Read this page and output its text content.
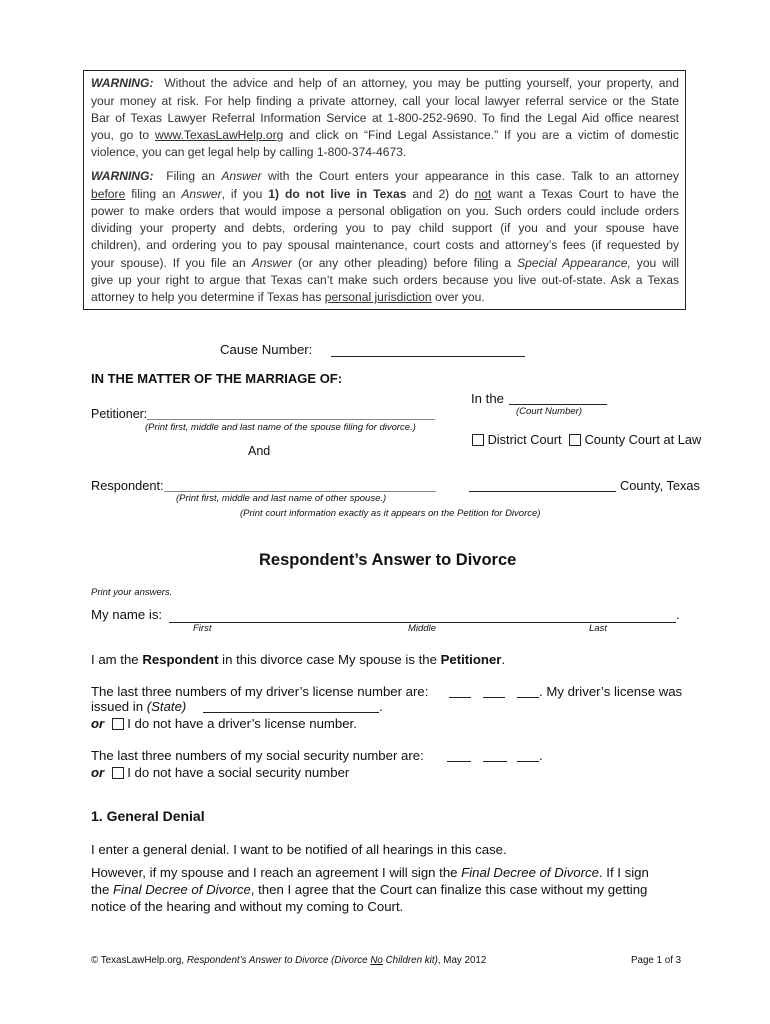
WARNING: Without the advice and help of an attorney, you may be putting yourself, your property, and
your money at risk. For help finding a private attorney, call your local lawyer referral service or the State
Bar of Texas Lawyer Referral Information Service at 1-800-252-9690. To find the Legal Aid office nearest
you, go to www.TexasLawHelp.org and click on “Find Legal Assistance.” If you are a victim of domestic
violence, you can get legal help by calling 1-800-374-4673.
WARNING: Filing an Answer with the Court enters your appearance in this case. Talk to an attorney
before filing an Answer, if you 1) do not live in Texas and 2) do not want a Texas Court to have the
power to make orders that would impose a personal obligation on you. Such orders could include orders
dividing your property and debts, ordering you to pay child support (if you and your spouse have
children), and ordering you to pay spousal maintenance, court costs and attorney’s fees (if requested by
your spouse). If you file an Answer (or any other pleading) before filing a Special Appearance, you will
give up your right to argue that Texas can’t make such orders because you live out-of-state. Ask a Texas
attorney to help you determine if Texas has personal jurisdiction over you.
Cause Number:
IN THE MATTER OF THE MARRIAGE OF:
In the
(Court Number)
Petitioner:
(Print first, middle and last name of the spouse filing for divorce.)
District Court	County Court at Law
And
Respondent:
(Print first, middle and last name of other spouse.)
County, Texas
(Print court information exactly as it appears on the Petition for Divorce)
Respondent’s Answer to Divorce
Print your answers.
My name is:	.
First	Middle	Last
I am the Respondent in this divorce case My spouse is the Petitioner.
The last three numbers of my driver’s license number are:	. My driver’s license was
issued in (State)	.
or I do not have a driver’s license number.
The last three numbers of my social security number are:	.
or I do not have a social security number
1. General Denial
I enter a general denial. I want to be notified of all hearings in this case.
However, if my spouse and I reach an agreement I will sign the Final Decree of Divorce. If I sign
the Final Decree of Divorce, then I agree that the Court can finalize this case without my getting
notice of the hearing and without my coming to Court.
© TexasLawHelp.org, Respondent’s Answer to Divorce (Divorce No Children kit), May 2012	Page 1 of 3
